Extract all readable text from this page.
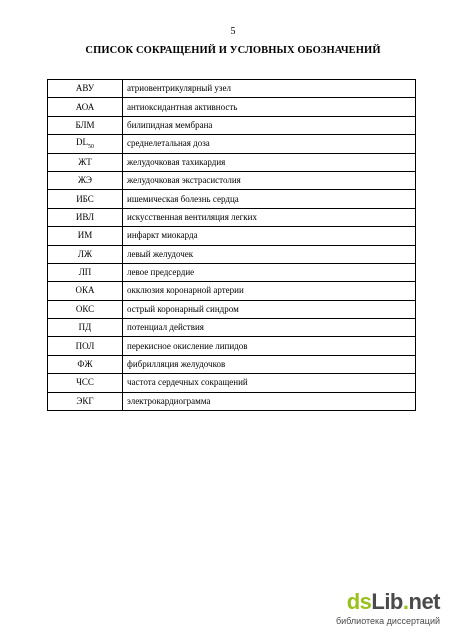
5
СПИСОК СОКРАЩЕНИЙ И УСЛОВНЫХ ОБОЗНАЧЕНИЙ
АВУ	атриовентрикулярный узел
АОА	антиоксидантная активность
БЛМ	билипидная мембрана
$DL_{50}$	среднелетальная доза
ЖТ	желудочковая тахикардия
ЖЭ	желудочковая экстрасистолия
ИБС	ишемическая болезнь сердца
ИВЛ	искусственная вентиляция легких
ИМ	инфаркт миокарда
ЛЖ	левый желудочек
ЛП	левое предсердие
ОКА	окклюзия коронарной артерии
ОКС	острый коронарный синдром
ПД	потенциал действия
ПОЛ	перекисное окисление липидов
ФЖ	фибрилляция желудочков
ЧСС	частота сердечных сокращений
ЭКГ	электрокардиограмма
dsLib.net
библиотека диссертаций
